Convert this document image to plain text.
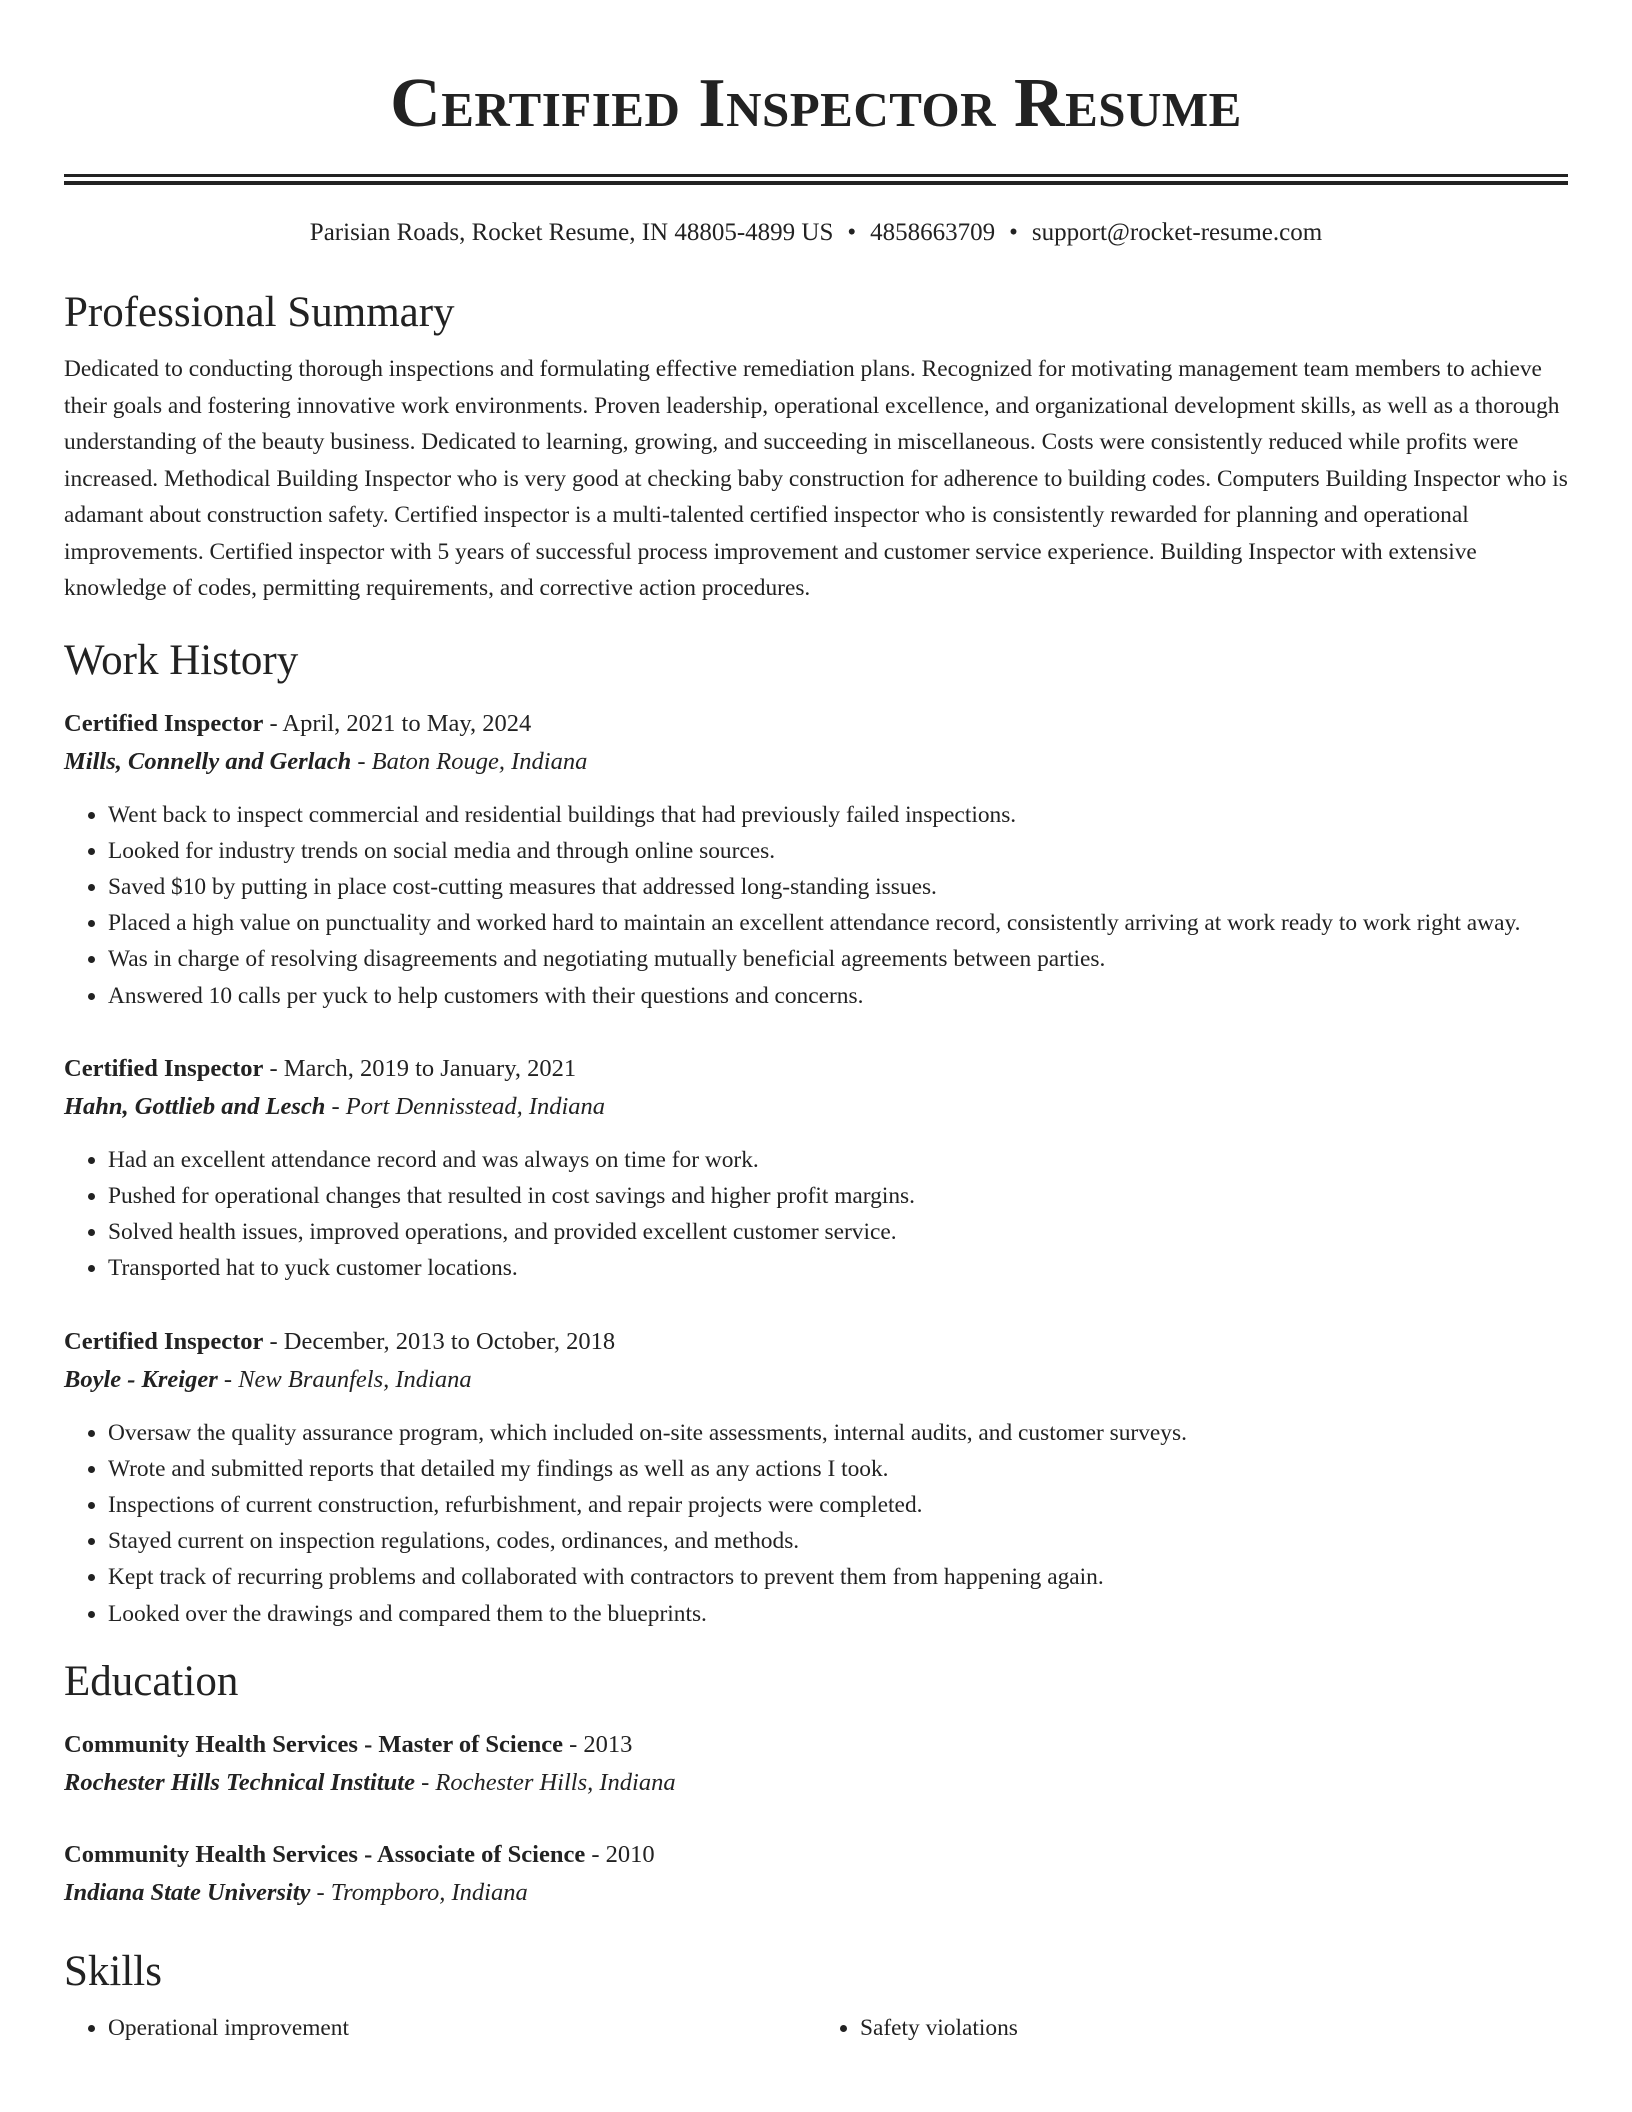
Certified Inspector Resume
Parisian Roads, Rocket Resume, IN 48805-4899 US • 4858663709 • support@rocket-resume.com
Professional Summary

Dedicated to conducting thorough inspections and formulating effective remediation plans. Recognized for motivating management team members to achieve their goals and fostering innovative work environments. Proven leadership, operational excellence, and organizational development skills, as well as a thorough understanding of the beauty business. Dedicated to learning, growing, and succeeding in miscellaneous. Costs were consistently reduced while profits were increased. Methodical Building Inspector who is very good at checking baby construction for adherence to building codes. Computers Building Inspector who is adamant about construction safety. Certified inspector is a multi-talented certified inspector who is consistently rewarded for planning and operational improvements. Certified inspector with 5 years of successful process improvement and customer service experience. Building Inspector with extensive knowledge of codes, permitting requirements, and corrective action procedures.

Work History
Certified Inspector - April, 2021 to May, 2024
Mills, Connelly and Gerlach - Baton Rouge, Indiana
• Went back to inspect commercial and residential buildings that had previously failed inspections.
• Looked for industry trends on social media and through online sources.
• Saved $10 by putting in place cost-cutting measures that addressed long-standing issues.
• Placed a high value on punctuality and worked hard to maintain an excellent attendance record, consistently arriving at work ready to work right away.
• Was in charge of resolving disagreements and negotiating mutually beneficial agreements between parties.
• Answered 10 calls per yuck to help customers with their questions and concerns.
Certified Inspector - March, 2019 to January, 2021
Hahn, Gottlieb and Lesch - Port Dennisstead, Indiana
• Had an excellent attendance record and was always on time for work.
• Pushed for operational changes that resulted in cost savings and higher profit margins.
• Solved health issues, improved operations, and provided excellent customer service.
• Transported hat to yuck customer locations.
Certified Inspector - December, 2013 to October, 2018
Boyle - Kreiger - New Braunfels, Indiana
• Oversaw the quality assurance program, which included on-site assessments, internal audits, and customer surveys.
• Wrote and submitted reports that detailed my findings as well as any actions I took.
• Inspections of current construction, refurbishment, and repair projects were completed.
• Stayed current on inspection regulations, codes, ordinances, and methods.
• Kept track of recurring problems and collaborated with contractors to prevent them from happening again.
• Looked over the drawings and compared them to the blueprints.
Education
Community Health Services - Master of Science - 2013
Rochester Hills Technical Institute - Rochester Hills, Indiana
Community Health Services - Associate of Science - 2010
Indiana State University - Trompboro, Indiana
Skills
• Operational improvement
•	Safety violations
